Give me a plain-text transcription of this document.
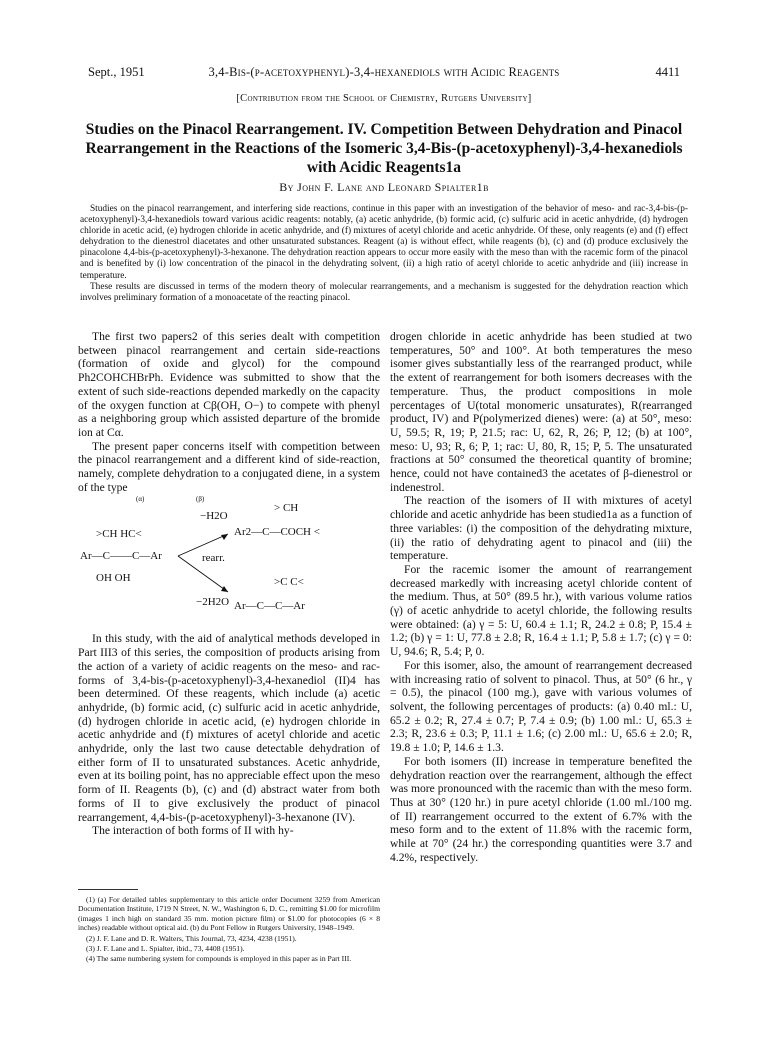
Sept., 1951	3,4-Bis-(p-acetoxyphenyl)-3,4-hexanediols with Acidic Reagents	4411
[Contribution from the School of Chemistry, Rutgers University]
Studies on the Pinacol Rearrangement. IV. Competition Between Dehydration and Pinacol Rearrangement in the Reactions of the Isomeric 3,4-Bis-(p-acetoxyphenyl)-3,4-hexanediols with Acidic Reagents1a
By John F. Lane and Leonard Spialter1b

Studies on the pinacol rearrangement, and interfering side reactions, continue in this paper with an investigation of the behavior of meso- and rac-3,4-bis-(p-acetoxyphenyl)-3,4-hexanediols toward various acidic reagents: notably, (a) acetic anhydride, (b) formic acid, (c) sulfuric acid in acetic anhydride, (d) hydrogen chloride in acetic acid, (e) hydrogen chloride in acetic anhydride, and (f) mixtures of acetyl chloride and acetic anhydride. Of these, only reagents (e) and (f) effect dehydration to the dienestrol diacetates and other unsaturated substances. Reagent (a) is without effect, while reagents (b), (c) and (d) produce exclusively the pinacolone 4,4-bis-(p-acetoxyphenyl)-3-hexanone. The dehydration reaction appears to occur more easily with the meso than with the racemic form of the pinacol and is benefited by (i) low concentration of the pinacol in the dehydrating solvent, (ii) a high ratio of acetyl chloride to acetic anhydride and (iii) increase in temperature.

These results are discussed in terms of the modern theory of molecular rearrangements, and a mechanism is suggested for the dehydration reaction which involves preliminary formation of a monoacetate of the reacting pinacol.

The first two papers2 of this series dealt with competition between pinacol rearrangement and certain side-reactions (formation of oxide and glycol) for the compound Ph2COHCHBrPh. Evidence was submitted to show that the extent of such side-reactions depended markedly on the capacity of the oxygen function at Cβ(OH, O−) to compete with phenyl as a neighboring group which assisted departure of the bromide ion at Cα.

The present paper concerns itself with competition between the pinacol rearrangement and a different kind of side-reaction, namely, complete dehydration to a conjugated diene, in a system of the type

(α)	(β)
>CH HC<
Ar—C——C—Ar
OH OH
−H2O
rearr.
−2H2O
> CH
Ar2—C—COCH <
>C C<
Ar—C—C—Ar

In this study, with the aid of analytical methods developed in Part III3 of this series, the composition of products arising from the action of a variety of acidic reagents on the meso- and rac-forms of 3,4-bis-(p-acetoxyphenyl)-3,4-hexanediol (II)4 has been determined. Of these reagents, which include (a) acetic anhydride, (b) formic acid, (c) sulfuric acid in acetic anhydride, (d) hydrogen chloride in acetic acid, (e) hydrogen chloride in acetic anhydride and (f) mixtures of acetyl chloride and acetic anhydride, only the last two cause detectable dehydration of either form of II to unsaturated substances. Acetic anhydride, even at its boiling point, has no appreciable effect upon the meso form of II. Reagents (b), (c) and (d) abstract water from both forms of II to give exclusively the product of pinacol rearrangement, 4,4-bis-(p-acetoxyphenyl)-3-hexanone (IV).

The interaction of both forms of II with hy-

(1) (a) For detailed tables supplementary to this article order Document 3259 from American Documentation Institute, 1719 N Street, N. W., Washington 6, D. C., remitting $1.00 for microfilm (images 1 inch high on standard 35 mm. motion picture film) or $1.00 for photocopies (6 × 8 inches) readable without optical aid. (b) du Pont Fellow in Rutgers University, 1948–1949.

(2) J. F. Lane and D. R. Walters, This Journal, 73, 4234, 4238 (1951).

(3) J. F. Lane and L. Spialter, ibid., 73, 4408 (1951).

(4) The same numbering system for compounds is employed in this paper as in Part III.

drogen chloride in acetic anhydride has been studied at two temperatures, 50° and 100°. At both temperatures the meso isomer gives substantially less of the rearranged product, while the extent of rearrangement for both isomers decreases with the temperature. Thus, the product compositions in mole percentages of U(total monomeric unsaturates), R(rearranged product, IV) and P(polymerized dienes) were: (a) at 50°, meso: U, 59.5; R, 19; P, 21.5; rac: U, 62, R, 26; P, 12; (b) at 100°, meso: U, 93; R, 6; P, 1; rac: U, 80, R, 15; P, 5. The unsaturated fractions at 50° consumed the theoretical quantity of bromine; hence, could not have contained3 the acetates of β-dienestrol or indenestrol.

The reaction of the isomers of II with mixtures of acetyl chloride and acetic anhydride has been studied1a as a function of three variables: (i) the composition of the dehydrating mixture, (ii) the ratio of dehydrating agent to pinacol and (iii) the temperature.

For the racemic isomer the amount of rearrangement decreased markedly with increasing acetyl chloride content of the medium. Thus, at 50° (89.5 hr.), with various volume ratios (γ) of acetic anhydride to acetyl chloride, the following results were obtained: (a) γ = 5: U, 60.4 ± 1.1; R, 24.2 ± 0.8; P, 15.4 ± 1.2; (b) γ = 1: U, 77.8 ± 2.8; R, 16.4 ± 1.1; P, 5.8 ± 1.7; (c) γ = 0: U, 94.6; R, 5.4; P, 0.

For this isomer, also, the amount of rearrangement decreased with increasing ratio of solvent to pinacol. Thus, at 50° (6 hr., γ = 0.5), the pinacol (100 mg.), gave with various volumes of solvent, the following percentages of products: (a) 0.40 ml.: U, 65.2 ± 0.2; R, 27.4 ± 0.7; P, 7.4 ± 0.9; (b) 1.00 ml.: U, 65.3 ± 2.3; R, 23.6 ± 0.3; P, 11.1 ± 1.6; (c) 2.00 ml.: U, 65.6 ± 2.0; R, 19.8 ± 1.0; P, 14.6 ± 1.3.

For both isomers (II) increase in temperature benefited the dehydration reaction over the rearrangement, although the effect was more pronounced with the racemic than with the meso form. Thus at 30° (120 hr.) in pure acetyl chloride (1.00 ml./100 mg. of II) rearrangement occurred to the extent of 6.7% with the meso form and to the extent of 11.8% with the racemic form, while at 70° (24 hr.) the corresponding quantities were 3.7 and 4.2%, respectively.
